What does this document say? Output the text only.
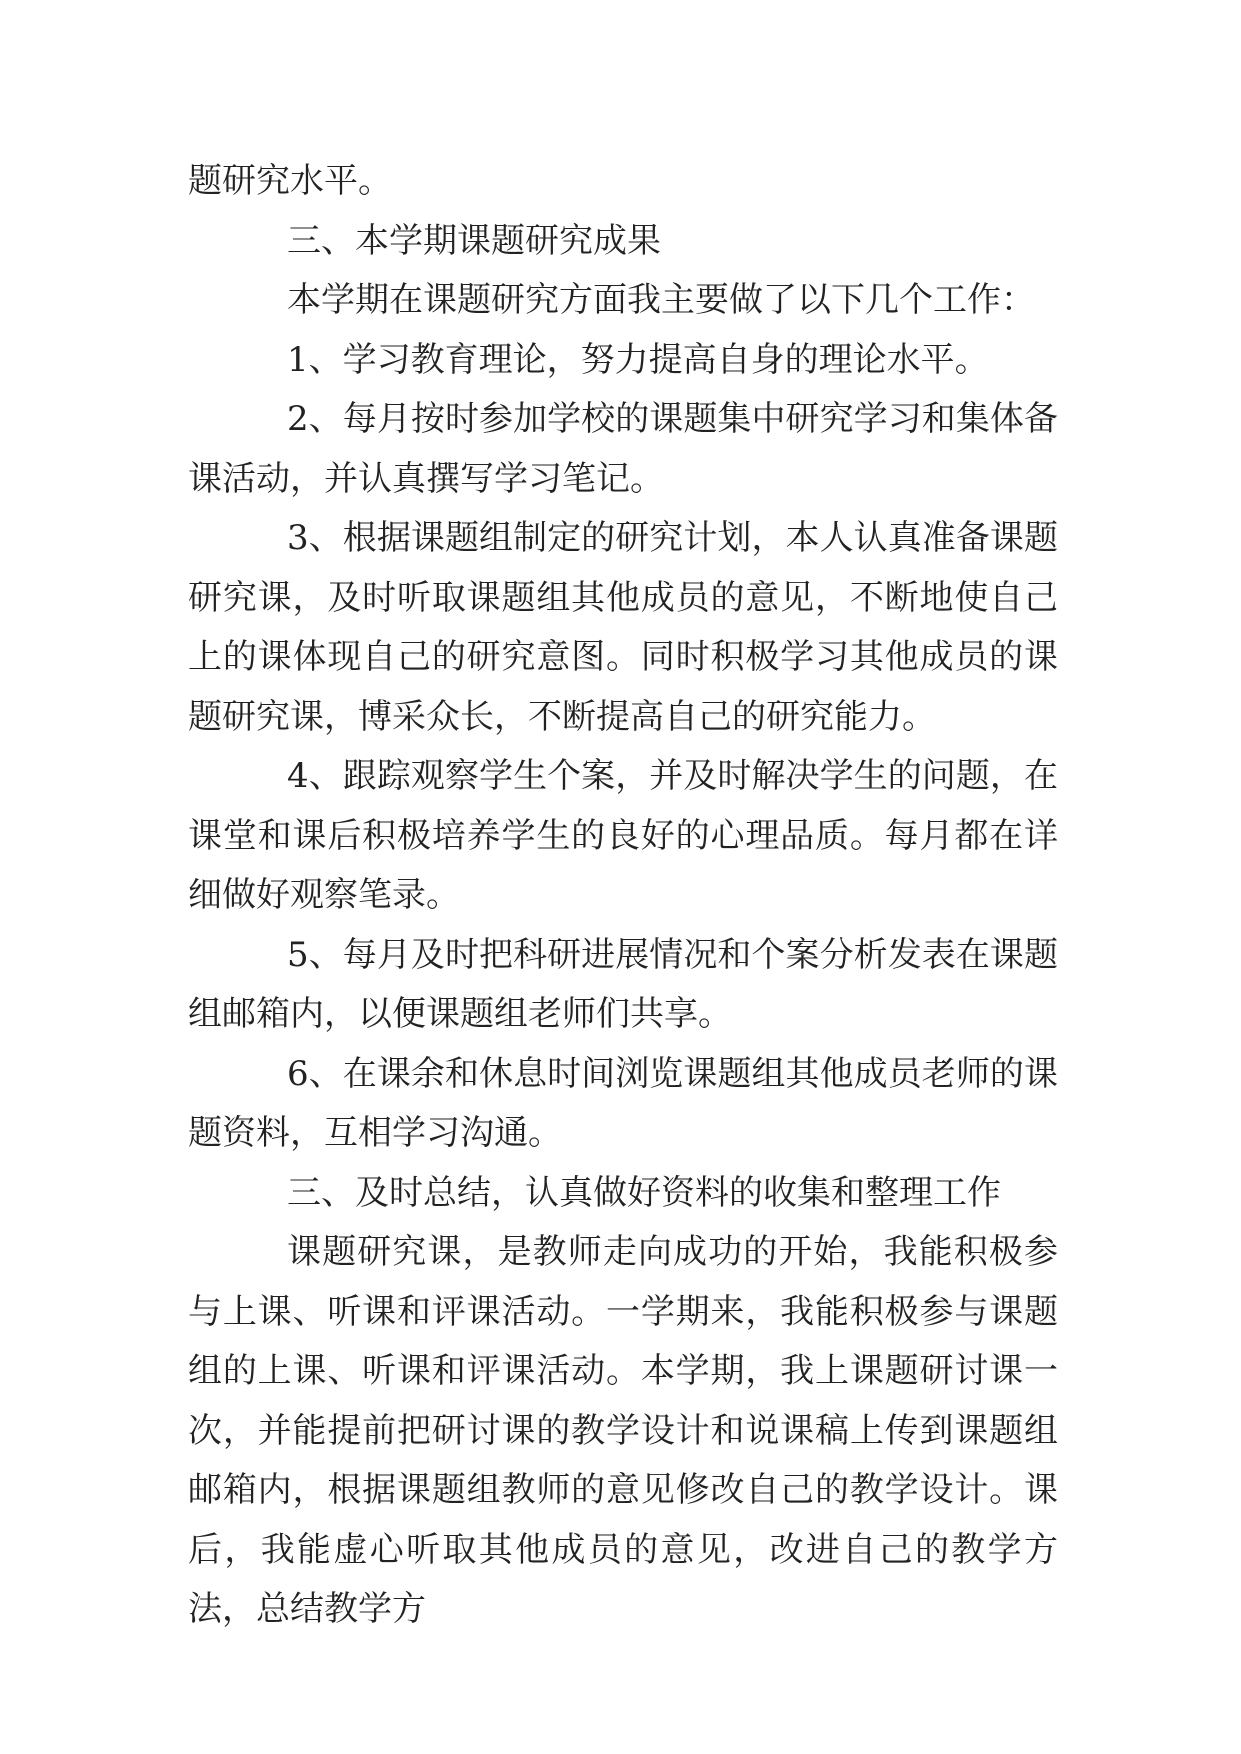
题研究水平。

三、本学期课题研究成果

本学期在课题研究方面我主要做了以下几个工作：

1、学习教育理论，努力提高自身的理论水平。

2、每月按时参加学校的课题集中研究学习和集体备课活动，并认真撰写学习笔记。

3、根据课题组制定的研究计划，本人认真准备课题研究课，及时听取课题组其他成员的意见，不断地使自己上的课体现自己的研究意图。同时积极学习其他成员的课题研究课，博采众长，不断提高自己的研究能力。

4、跟踪观察学生个案，并及时解决学生的问题，在课堂和课后积极培养学生的良好的心理品质。每月都在详细做好观察笔录。

5、每月及时把科研进展情况和个案分析发表在课题组邮箱内，以便课题组老师们共享。

6、在课余和休息时间浏览课题组其他成员老师的课题资料，互相学习沟通。

三、及时总结，认真做好资料的收集和整理工作

课题研究课，是教师走向成功的开始，我能积极参与上课、听课和评课活动。一学期来，我能积极参与课题组的上课、听课和评课活动。本学期，我上课题研讨课一次，并能提前把研讨课的教学设计和说课稿上传到课题组邮箱内，根据课题组教师的意见修改自己的教学设计。课后，我能虚心听取其他成员的意见，改进自己的教学方法，总结教学方
